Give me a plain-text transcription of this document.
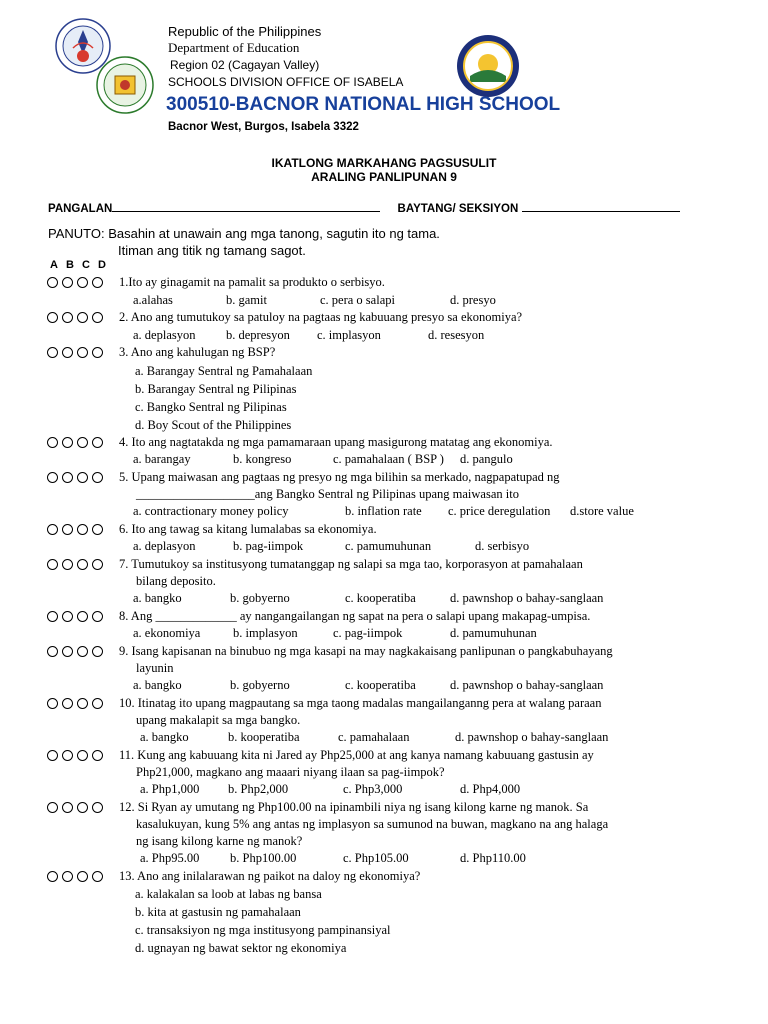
Republic of the Philippines
Department of Education
Region 02 (Cagayan Valley)
SCHOOLS DIVISION OFFICE OF ISABELA
300510-BACNOR NATIONAL HIGH SCHOOL
Bacnor West, Burgos, Isabela 3322
IKATLONG MARKAHANG PAGSUSULIT
ARALING PANLIPUNAN 9
PANGALAN	BAYTANG/ SEKSIYON
PANUTO: Basahin at unawain ang mga tanong, sagutin ito ng tama.
Itiman ang titik ng tamang sagot.
A B C D
1.Ito ay ginagamit na pamalit sa produkto o serbisyo.
a.alahas	b. gamit	c. pera o salapi	d. presyo
2. Ano ang tumutukoy sa patuloy na pagtaas ng kabuuang presyo sa ekonomiya?
a. deplasyon b. depresyon c. implasyon	d. resesyon
3. Ano ang kahulugan ng BSP?
a. Barangay Sentral ng Pamahalaan
b. Barangay Sentral ng Pilipinas
c. Bangko Sentral ng Pilipinas
d. Boy Scout of the Philippines
4. Ito ang nagtatakda ng mga pamamaraan upang masigurong matatag ang ekonomiya.
a. barangay	b. kongreso	c. pamahalaan ( BSP ) d. pangulo
5. Upang maiwasan ang pagtaas ng presyo ng mga bilihin sa merkado, nagpapatupad ng
___________________ang Bangko Sentral ng Pilipinas upang maiwasan ito
a. contractionary money policy	b. inflation rate c. price deregulation d.store value
6. Ito ang tawag sa kitang lumalabas sa ekonomiya.
a. deplasyon	b. pag-iimpok	c. pamumuhunan	d. serbisyo
7. Tumutukoy sa institusyong tumatanggap ng salapi sa mga tao, korporasyon at pamahalaan
bilang deposito.
a. bangko	b. gobyerno	c. kooperatiba	d. pawnshop o bahay-sanglaan
8. Ang _____________ ay nangangailangan ng sapat na pera o salapi upang makapag-umpisa.
a. ekonomiya	b. implasyon	c. pag-iimpok	d. pamumuhunan
9. Isang kapisanan na binubuo ng mga kasapi na may nagkakaisang panlipunan o pangkabuhayang
layunin
a. bangko	b. gobyerno	c. kooperatiba	d. pawnshop o bahay-sanglaan
10. Itinatag ito upang magpautang sa mga taong madalas mangailanganng pera at walang paraan
upang makalapit sa mga bangko.
a. bangko	b. kooperatiba	c. pamahalaan	d. pawnshop o bahay-sanglaan
11. Kung ang kabuuang kita ni Jared ay Php25,000 at ang kanya namang kabuuang gastusin ay
Php21,000, magkano ang maaari niyang ilaan sa pag-iimpok?
a. Php1,000 b. Php2,000	c. Php3,000	d. Php4,000
12. Si Ryan ay umutang ng Php100.00 na ipinambili niya ng isang kilong karne ng manok. Sa
kasalukuyan, kung 5% ang antas ng implasyon sa sumunod na buwan, magkano na ang halaga
ng isang kilong karne ng manok?
a. Php95.00 b. Php100.00	c. Php105.00	d. Php110.00
13. Ano ang inilalarawan ng paikot na daloy ng ekonomiya?
a. kalakalan sa loob at labas ng bansa
b. kita at gastusin ng pamahalaan
c. transaksiyon ng mga institusyong pampinansiyal
d. ugnayan ng bawat sektor ng ekonomiya
